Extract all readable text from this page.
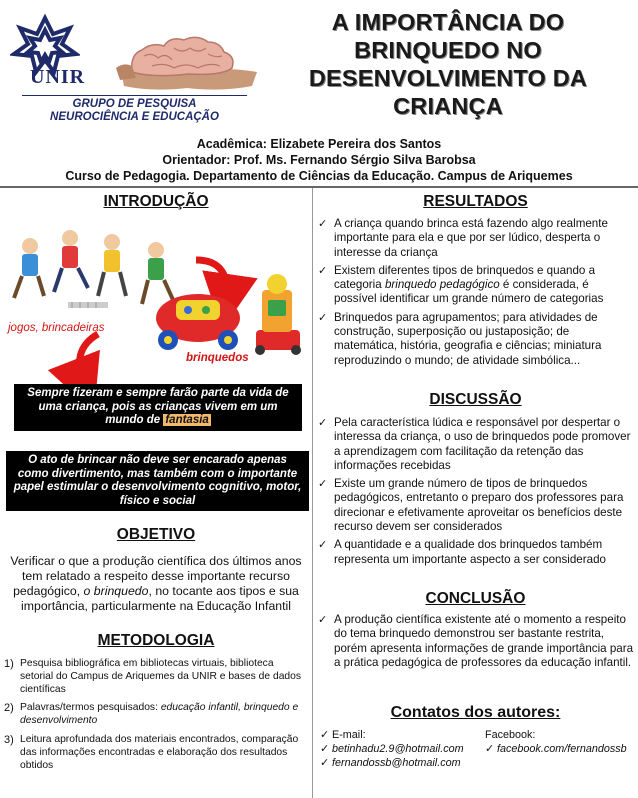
UNIR
GRUPO DE PESQUISA
NEUROCIÊNCIA E EDUCAÇÃO
A IMPORTÂNCIA DO
BRINQUEDO NO
DESENVOLVIMENTO DA
CRIANÇA
Acadêmica: Elizabete Pereira dos Santos
Orientador: Prof. Ms. Fernando Sérgio Silva Barobsa
Curso de Pedagogia. Departamento de Ciências da Educação. Campus de Ariquemes
INTRODUÇÃO
jogos, brincadeiras
brinquedos
Sempre fizeram e sempre farão parte da vida de uma criança, pois as crianças vivem em um mundo de fantasia
O ato de brincar não deve ser encarado apenas como divertimento, mas também com o importante papel estimular o desenvolvimento cognitivo, motor, físico e social
OBJETIVO
Verificar o que a produção científica dos últimos anos tem relatado a respeito desse importante recurso pedagógico, o brinquedo, no tocante aos tipos e sua importância, particularmente na Educação Infantil
METODOLOGIA
1) Pesquisa bibliográfica em bibliotecas virtuais, biblioteca setorial do Campus de Ariquemes da UNIR e bases de dados científicas
2) Palavras/termos pesquisados: educação infantil, brinquedo e desenvolvimento
3) Leitura aprofundada dos materiais encontrados, comparação das informações encontradas e elaboração dos resultados obtidos
RESULTADOS
✓ A criança quando brinca está fazendo algo realmente importante para ela e que por ser lúdico, desperta o interesse da criança
✓ Existem diferentes tipos de brinquedos e quando a categoria brinquedo pedagógico é considerada, é possível identificar um grande número de categorias
✓ Brinquedos para agrupamentos; para atividades de construção, superposição ou justaposição; de matemática, história, geografia e ciências; miniatura reproduzindo o mundo; de atividade simbólica...
DISCUSSÃO
✓ Pela característica lúdica e responsável por despertar o interessa da criança, o uso de brinquedos pode promover a aprendizagem com facilitação da retenção das informações recebidas
✓ Existe um grande número de tipos de brinquedos pedagógicos, entretanto o preparo dos professores para direcionar e efetivamente aproveitar os benefícios deste recurso devem ser considerados
✓ A quantidade e a qualidade dos brinquedos também representa um importante aspecto a ser considerado
CONCLUSÃO
✓ A produção científica existente até o momento a respeito do tema brinquedo demonstrou ser bastante restrita, porém apresenta informações de grande importância para a prática pedagógica de professores da educação infantil.
Contatos dos autores:
✓ E-mail:
✓ betinhadu2.9@hotmail.com
✓ fernandossb@hotmail.com
Facebook:
✓ facebook.com/fernandossb
